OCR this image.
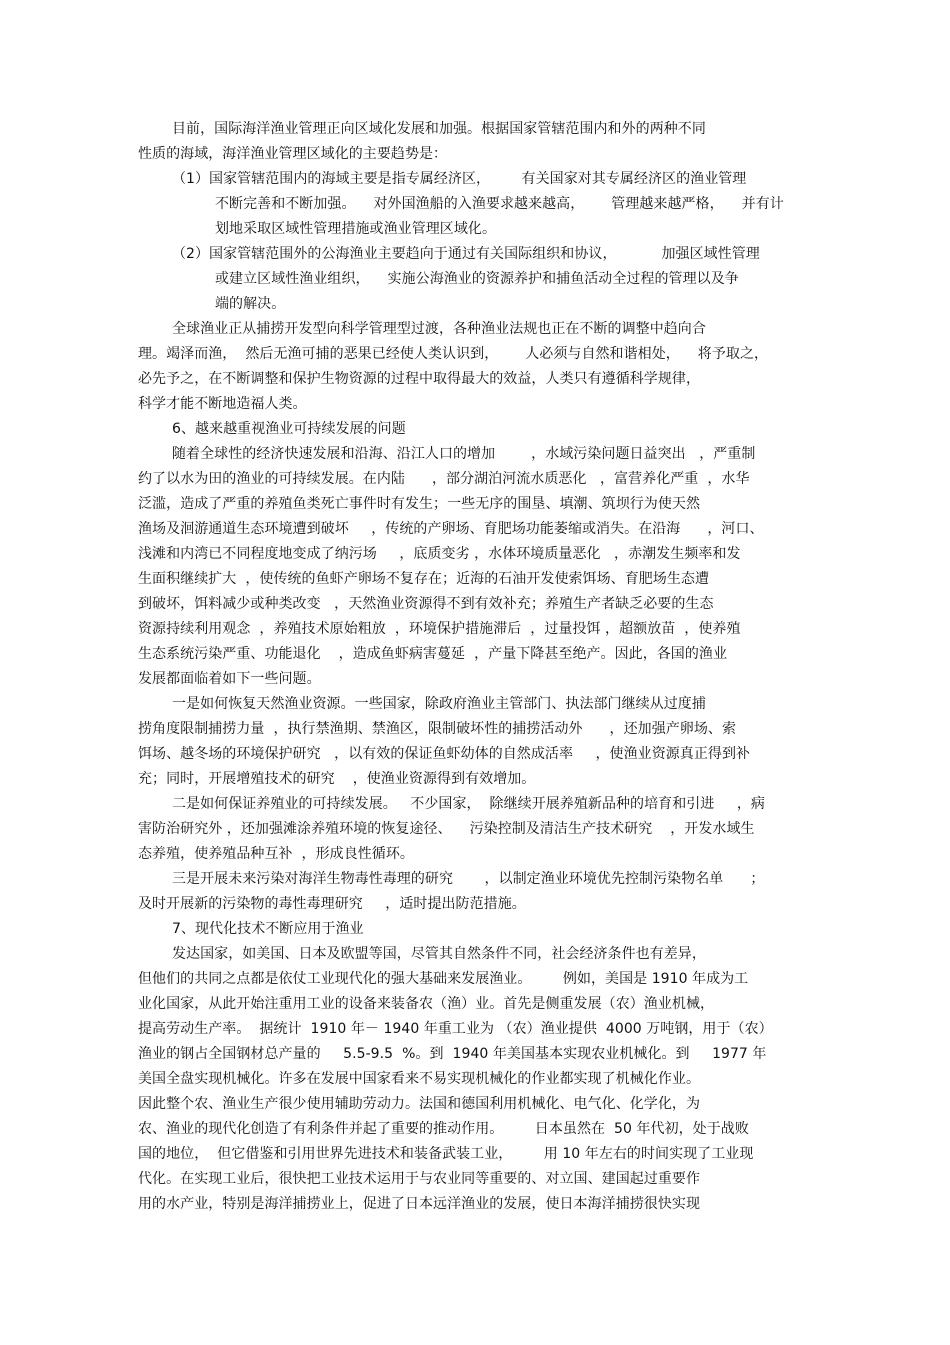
目前，国际海洋渔业管理正向区域化发展和加强。根据国家管辖范围内和外的两种不同

性质的海域，海洋渔业管理区域化的主要趋势是：

（1）国家管辖范围内的海域主要是指专属经济区，       有关国家对其专属经济区的渔业管理

不断完善和不断加强。    对外国渔船的入渔要求越来越高，      管理越来越严格，    并有计

划地采取区域性管理措施或渔业管理区域化。

（2）国家管辖范围外的公海渔业主要趋向于通过有关国际组织和协议，          加强区域性管理

或建立区域性渔业组织，    实施公海渔业的资源养护和捕鱼活动全过程的管理以及争

端的解决。

全球渔业正从捕捞开发型向科学管理型过渡，各种渔业法规也正在不断的调整中趋向合

理。竭泽而渔，  然后无渔可捕的恶果已经使人类认识到，      人必须与自然和谐相处，    将予取之，

必先予之，在不断调整和保护生物资源的过程中取得最大的效益，人类只有遵循科学规律，

科学才能不断地造福人类。

6、越来越重视渔业可持续发展的问题

随着全球性的经济快速发展和沿海、沿江人口的增加        ，水域污染问题日益突出   ，严重制

约了以水为田的渔业的可持续发展。在内陆      ，部分湖泊河流水质恶化   ，富营养化严重  ，水华

泛滥，造成了严重的养殖鱼类死亡事件时有发生；一些无序的围垦、填潮、筑坝行为使天然

渔场及洄游通道生态环境遭到破坏     ，传统的产卵场、育肥场功能萎缩或消失。在沿海      ，河口、

浅滩和内湾已不同程度地变成了纳污场     ，底质变劣 ，水体环境质量恶化   ，赤潮发生频率和发

生面积继续扩大  ，使传统的鱼虾产卵场不复存在；近海的石油开发使索饵场、育肥场生态遭

到破坏，饵料减少或种类改变   ，天然渔业资源得不到有效补充；养殖生产者缺乏必要的生态

资源持续利用观念  ，养殖技术原始粗放  ，环境保护措施滞后  ，过量投饵 ，超额放苗  ，使养殖

生态系统污染严重、功能退化    ，造成鱼虾病害蔓延  ，产量下降甚至绝产。因此，各国的渔业

发展都面临着如下一些问题。

一是如何恢复天然渔业资源。一些国家，除政府渔业主管部门、执法部门继续从过度捕

捞角度限制捕捞力量  ，执行禁渔期、禁渔区，限制破坏性的捕捞活动外      ，还加强产卵场、索

饵场、越冬场的环境保护研究   ，以有效的保证鱼虾幼体的自然成活率     ，使渔业资源真正得到补

充；同时，开展增殖技术的研究    ，使渔业资源得到有效增加。

二是如何保证养殖业的可持续发展。   不少国家，  除继续开展养殖新品种的培育和引进     ，病

害防治研究外 ，还加强滩涂养殖环境的恢复途径、    污染控制及清洁生产技术研究    ，开发水域生

态养殖，使养殖品种互补  ，形成良性循环。

三是开展未来污染对海洋生物毒性毒理的研究       ，以制定渔业环境优先控制污染物名单      ；

及时开展新的污染物的毒性毒理研究     ，适时提出防范措施。

7、现代化技术不断应用于渔业

发达国家，如美国、日本及欧盟等国，尽管其自然条件不同，社会经济条件也有差异，

但他们的共同之点都是依仗工业现代化的强大基础来发展渔业。       例如，美国是 1910 年成为工

业化国家，从此开始注重用工业的设备来装备农（渔）业。首先是侧重发展（农）渔业机械，

提高劳动生产率。  据统计  1910 年－ 1940 年重工业为 （农）渔业提供  4000 万吨钢，用于（农）

渔业的钢占全国钢材总产量的     5.5-9.5  %。到  1940 年美国基本实现农业机械化。到     1977 年

美国全盘实现机械化。许多在发展中国家看来不易实现机械化的作业都实现了机械化作业。

因此整个农、渔业生产很少使用辅助劳动力。法国和德国利用机械化、电气化、化学化，为

农、渔业的现代化创造了有利条件并起了重要的推动作用。       日本虽然在  50 年代初，处于战败

国的地位，  但它借鉴和引用世界先进技术和装备武装工业，       用 10 年左右的时间实现了工业现

代化。在实现工业后，很快把工业技术运用于与农业同等重要的、对立国、建国起过重要作

用的水产业，特别是海洋捕捞业上，促进了日本远洋渔业的发展，使日本海洋捕捞很快实现
